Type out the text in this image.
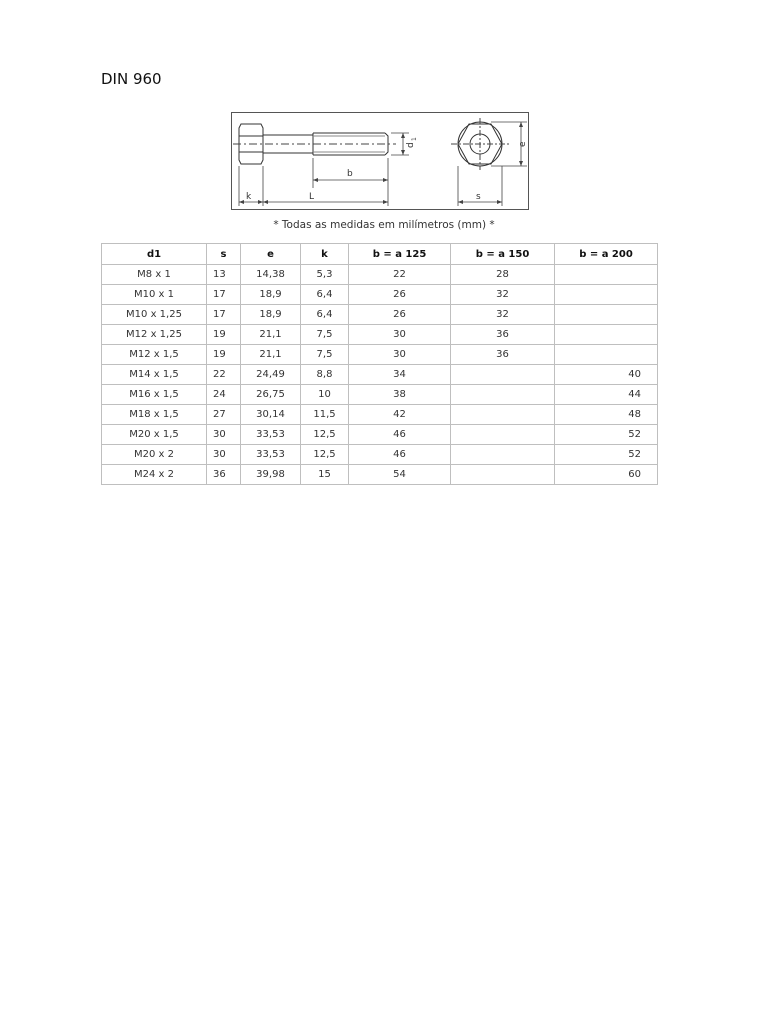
DIN 960
b
k	L	s
d
1
e
* Todas as medidas em milímetros (mm) *
d1	s	e	k	b = a 125	b = a 150	b = a 200
M8 x 1	13	14,38	5,3	22	28	
M10 x 1	17	18,9	6,4	26	32	
M10 x 1,25	17	18,9	6,4	26	32	
M12 x 1,25	19	21,1	7,5	30	36	
M12 x 1,5	19	21,1	7,5	30	36	
M14 x 1,5	22	24,49	8,8	34		40
M16 x 1,5	24	26,75	10	38		44
M18 x 1,5	27	30,14	11,5	42		48
M20 x 1,5	30	33,53	12,5	46		52
M20 x 2	30	33,53	12,5	46		52
M24 x 2	36	39,98	15	54		60
